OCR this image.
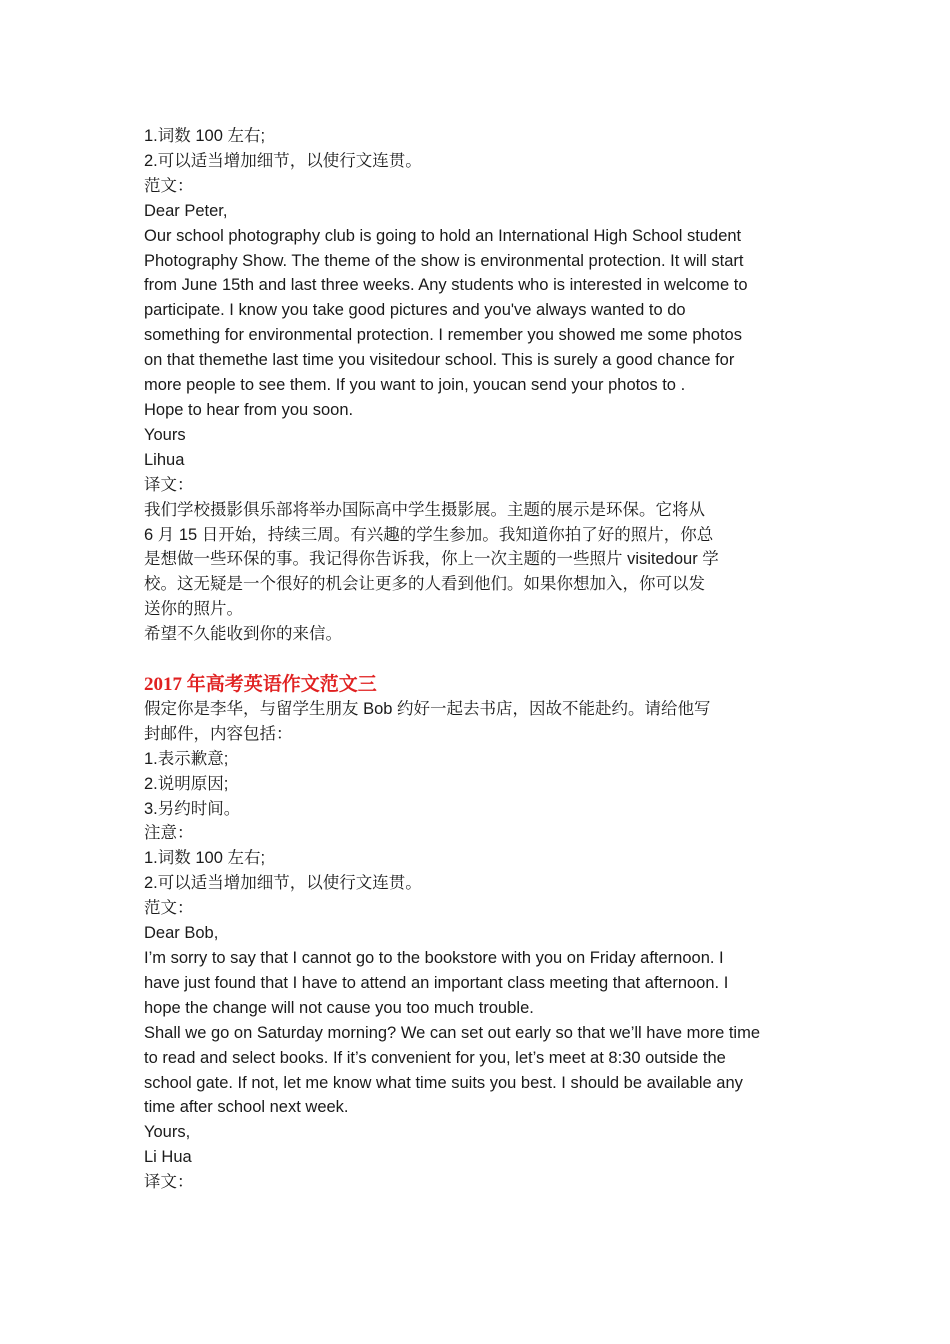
1.词数 100 左右;

2.可以适当增加细节，以使行文连贯。

范文：

Dear Peter,

Our school photography club is going to hold an International High School student

Photography Show. The theme of the show is environmental protection. It will start

from June 15th and last three weeks. Any students who is interested in welcome to

participate. I know you take good pictures and you've always wanted to do

something for environmental protection. I remember you showed me some photos

on that themethe last time you visitedour school. This is surely a good chance for

more people to see them. If you want to join, youcan send your photos to .

Hope to hear from you soon.

Yours

Lihua

译文：

我们学校摄影俱乐部将举办国际高中学生摄影展。主题的展示是环保。它将从

6 月 15 日开始，持续三周。有兴趣的学生参加。我知道你拍了好的照片，你总

是想做一些环保的事。我记得你告诉我，你上一次主题的一些照片 visitedour 学

校。这无疑是一个很好的机会让更多的人看到他们。如果你想加入，你可以发

送你的照片。

希望不久能收到你的来信。

2017 年高考英语作文范文三

假定你是李华，与留学生朋友 Bob 约好一起去书店，因故不能赴约。请给他写

封邮件，内容包括：

1.表示歉意;

2.说明原因;

3.另约时间。

注意：

1.词数 100 左右;

2.可以适当增加细节，以使行文连贯。

范文：

Dear Bob,

I’m sorry to say that I cannot go to the bookstore with you on Friday afternoon. I

have just found that I have to attend an important class meeting that afternoon. I

hope the change will not cause you too much trouble.

Shall we go on Saturday morning? We can set out early so that we’ll have more time

to read and select books. If it’s convenient for you, let’s meet at 8:30 outside the

school gate. If not, let me know what time suits you best. I should be available any

time after school next week.

Yours,

Li Hua

译文：
